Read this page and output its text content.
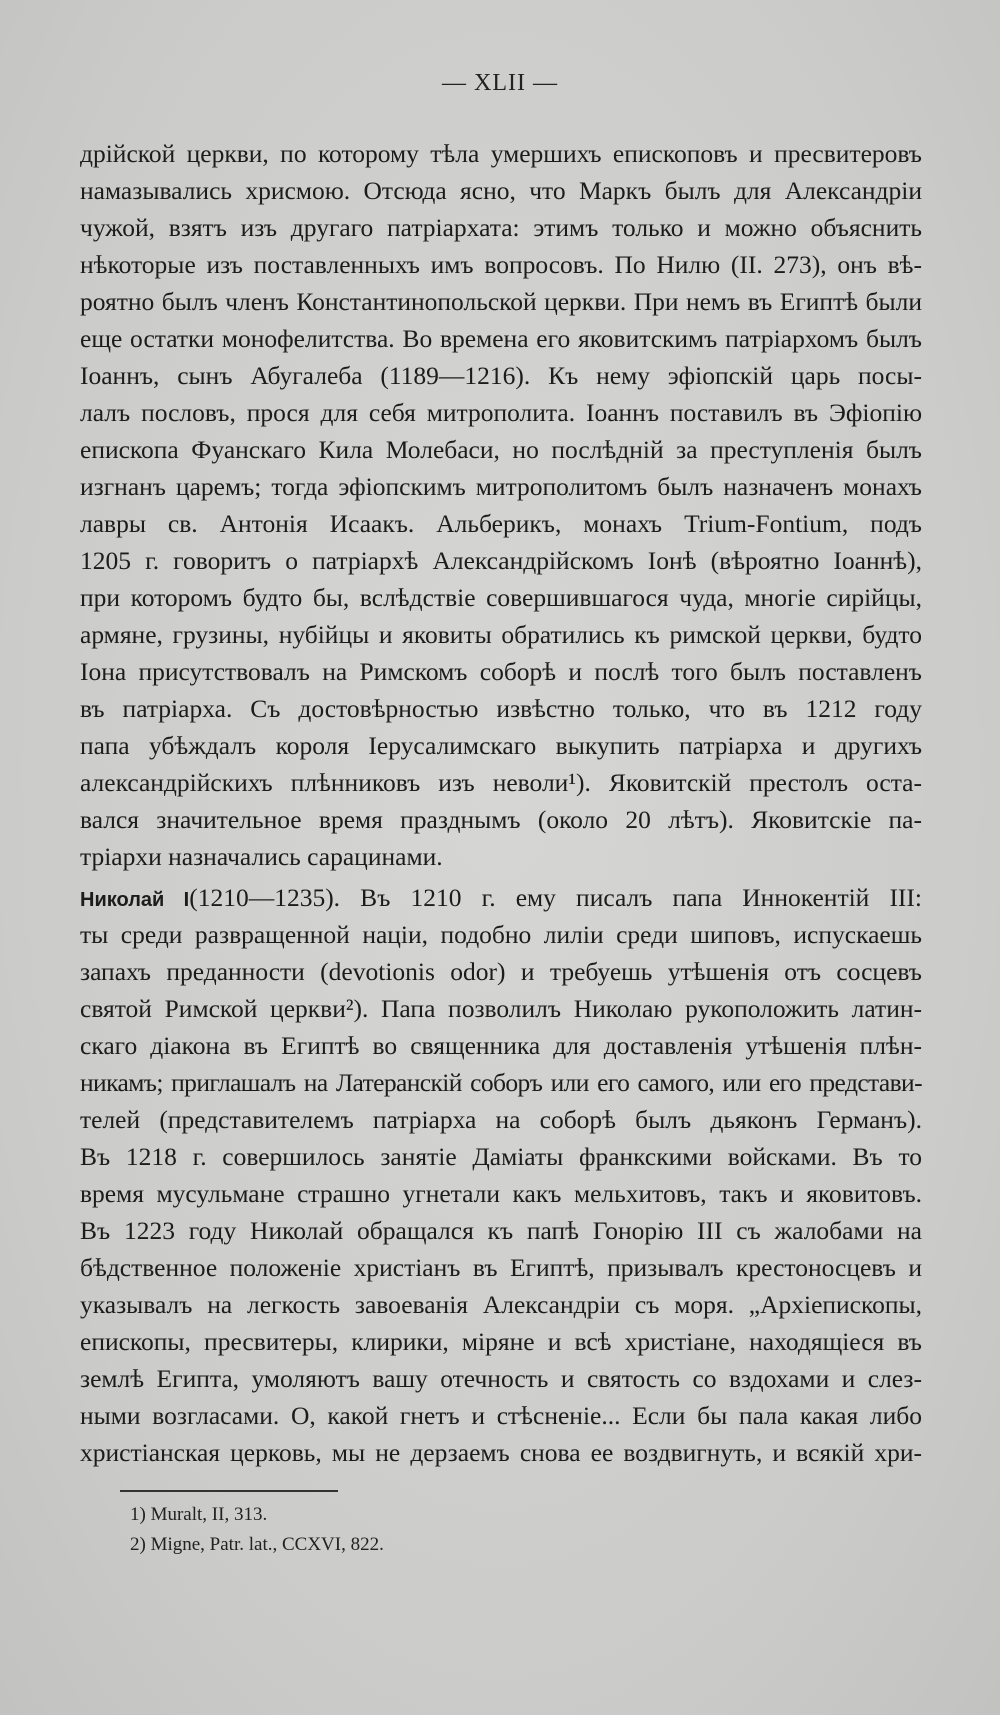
— XLII —
дрійской церкви, по которому тѣла умершихъ епископовъ и пресвитеровъ
намазывались хрисмою. Отсюда ясно, что Маркъ былъ для Александріи
чужой, взятъ изъ другаго патріархата: этимъ только и можно объяснить
нѣкоторые изъ поставленныхъ имъ вопросовъ. По Нилю (II. 273), онъ вѣ-
роятно былъ членъ Константинопольской церкви. При немъ въ Египтѣ были
еще остатки монофелитства. Во времена его яковитскимъ патріархомъ былъ
Іоаннъ, сынъ Абугалеба (1189—1216). Къ нему эфіопскій царь посы-
лалъ пословъ, прося для себя митрополита. Іоаннъ поставилъ въ Эфіопію
епископа Фуанскаго Кила Молебаси, но послѣдній за преступленія былъ
изгнанъ царемъ; тогда эфіопскимъ митрополитомъ былъ назначенъ монахъ
лавры св. Антонія Исаакъ. Альберикъ, монахъ Trium-Fontium, подъ
1205 г. говоритъ о патріархѣ Александрійскомъ Іонѣ (вѣроятно Іоаннѣ),
при которомъ будто бы, вслѣдствіе совершившагося чуда, многіе сирійцы,
армяне, грузины, нубійцы и яковиты обратились къ римской церкви, будто
Іона присутствовалъ на Римскомъ соборѣ и послѣ того былъ поставленъ
въ патріарха. Съ достовѣрностью извѣстно только, что въ 1212 году
папа убѣждалъ короля Іерусалимскаго выкупить патріарха и другихъ
александрійскихъ плѣнниковъ изъ неволи¹). Яковитскій престолъ оста-
вался значительное время празднымъ (около 20 лѣтъ). Яковитскіе па-
тріархи назначались сарацинами.
Николай I(1210—1235). Въ 1210 г. ему писалъ папа Иннокентій III:
ты среди развращенной націи, подобно лиліи среди шиповъ, испускаешь
запахъ преданности (devotionis odor) и требуешь утѣшенія отъ сосцевъ
святой Римской церкви²). Папа позволилъ Николаю рукоположить латин-
скаго діакона въ Египтѣ во священника для доставленія утѣшенія плѣн-
никамъ; приглашалъ на Латеранскій соборъ или его самого, или его представи-
телей (представителемъ патріарха на соборѣ былъ дьяконъ Германъ).
Въ 1218 г. совершилось занятіе Даміаты франкскими войсками. Въ то
время мусульмане страшно угнетали какъ мельхитовъ, такъ и яковитовъ.
Въ 1223 году Николай обращался къ папѣ Гонорію III съ жалобами на
бѣдственное положеніе христіанъ въ Египтѣ, призывалъ крестоносцевъ и
указывалъ на легкость завоеванія Александріи съ моря. „Архіепископы,
епископы, пресвитеры, клирики, міряне и всѣ христіане, находящіеся въ
землѣ Египта, умоляютъ вашу отечность и святость со вздохами и слез-
ными возгласами. О, какой гнетъ и стѣсненіе... Если бы пала какая либо
христіанская церковь, мы не дерзаемъ снова ее воздвигнуть, и всякій хри-
1) Muralt, II, 313.
2) Migne, Patr. lat., CCXVI, 822.
